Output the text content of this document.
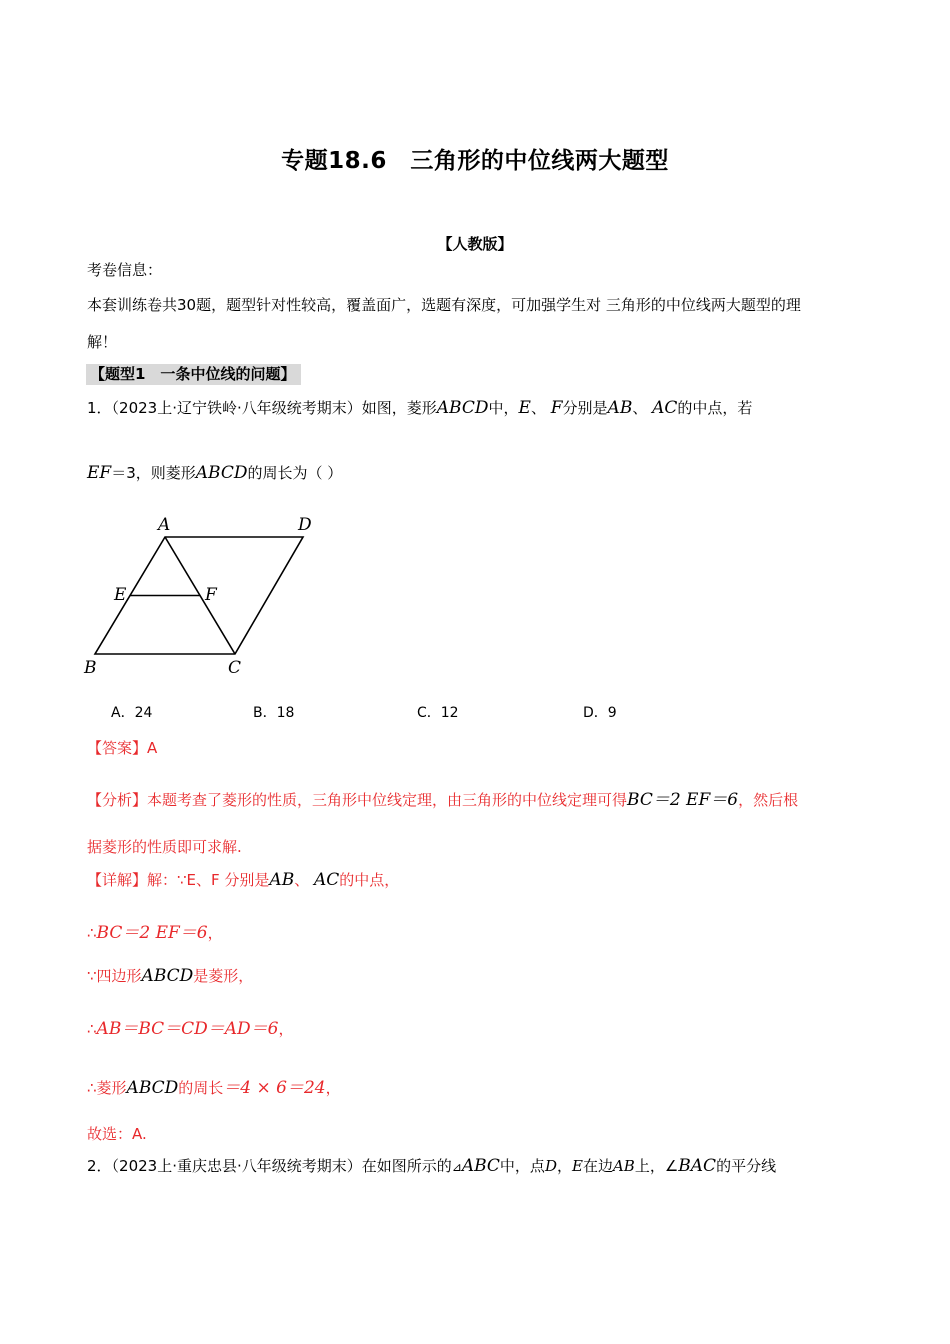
专题18.6　三角形的中位线两大题型
【人教版】
考卷信息：
本套训练卷共30题，题型针对性较高，覆盖面广，选题有深度，可加强学生对 三角形的中位线两大题型的理
解！
【题型1　一条中位线的问题】
1．（2023上·辽宁铁岭·八年级统考期末）如图，菱形ABCD中，E、 F分别是AB、 AC的中点，若
EF＝3，则菱形ABCD的周长为（ ）
A	D
E	F
B	C
A．24	B．18	C．12	D．9
【答案】A
【分析】本题考查了菱形的性质，三角形中位线定理，由三角形的中位线定理可得BC＝2 EF＝6，然后根
据菱形的性质即可求解.
【详解】解：∵E、F 分别是AB、 AC的中点，
∴BC＝2 EF＝6，
∵四边形ABCD是菱形，
∴AB＝BC＝CD＝AD＝6，
∴菱形ABCD的周长＝4 × 6＝24，
故选：A.
2．（2023上·重庆忠县·八年级统考期末）在如图所示的⊿ABC中，点D，E在边AB上，∠BAC的平分线
